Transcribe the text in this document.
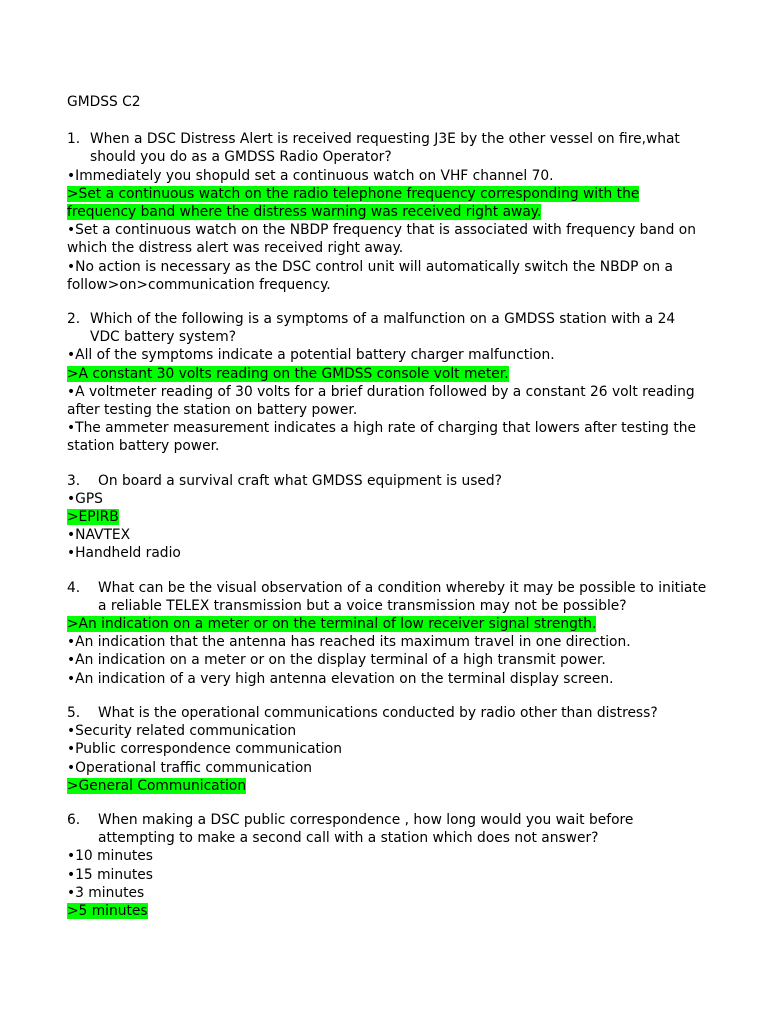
GMDSS C2
1. When a DSC Distress Alert is received requesting J3E by the other vessel on fire,what should you do as a GMDSS Radio Operator?
•Immediately you shopuld set a continuous watch on VHF channel 70.
>Set a continuous watch on the radio telephone frequency corresponding with the frequency band where the distress warning was received right away.
•Set a continuous watch on the NBDP frequency that is associated with frequency band on which the distress alert was received right away.
•No action is necessary as the DSC control unit will automatically switch the NBDP on a follow>on>communication frequency.
2. Which of the following is a symptoms of a malfunction on a GMDSS station with a 24 VDC battery system?
•All of the symptoms indicate a potential battery charger malfunction.
>A constant 30 volts reading on the GMDSS console volt meter.
•A voltmeter reading of 30 volts for a brief duration followed by a constant 26 volt reading after testing the station on battery power.
•The ammeter measurement indicates a high rate of charging that lowers after testing the station battery power.
3. On board a survival craft what GMDSS equipment is used?
•GPS
>EPIRB
•NAVTEX
•Handheld radio
4. What can be the visual observation of a condition whereby it may be possible to initiate a reliable TELEX transmission but a voice transmission may not be possible?
>An indication on a meter or on the terminal of low receiver signal strength.
•An indication that the antenna has reached its maximum travel in one direction.
•An indication on a meter or on the display terminal of a high transmit power.
•An indication of a very high antenna elevation on the terminal display screen.
5. What is the operational communications conducted by radio other than distress?
•Security related communication
•Public correspondence communication
•Operational traffic communication
>General Communication
6. When making a DSC public correspondence , how long would you wait before attempting to make a second call with a station which does not answer?
•10 minutes
•15 minutes
•3 minutes
>5 minutes
